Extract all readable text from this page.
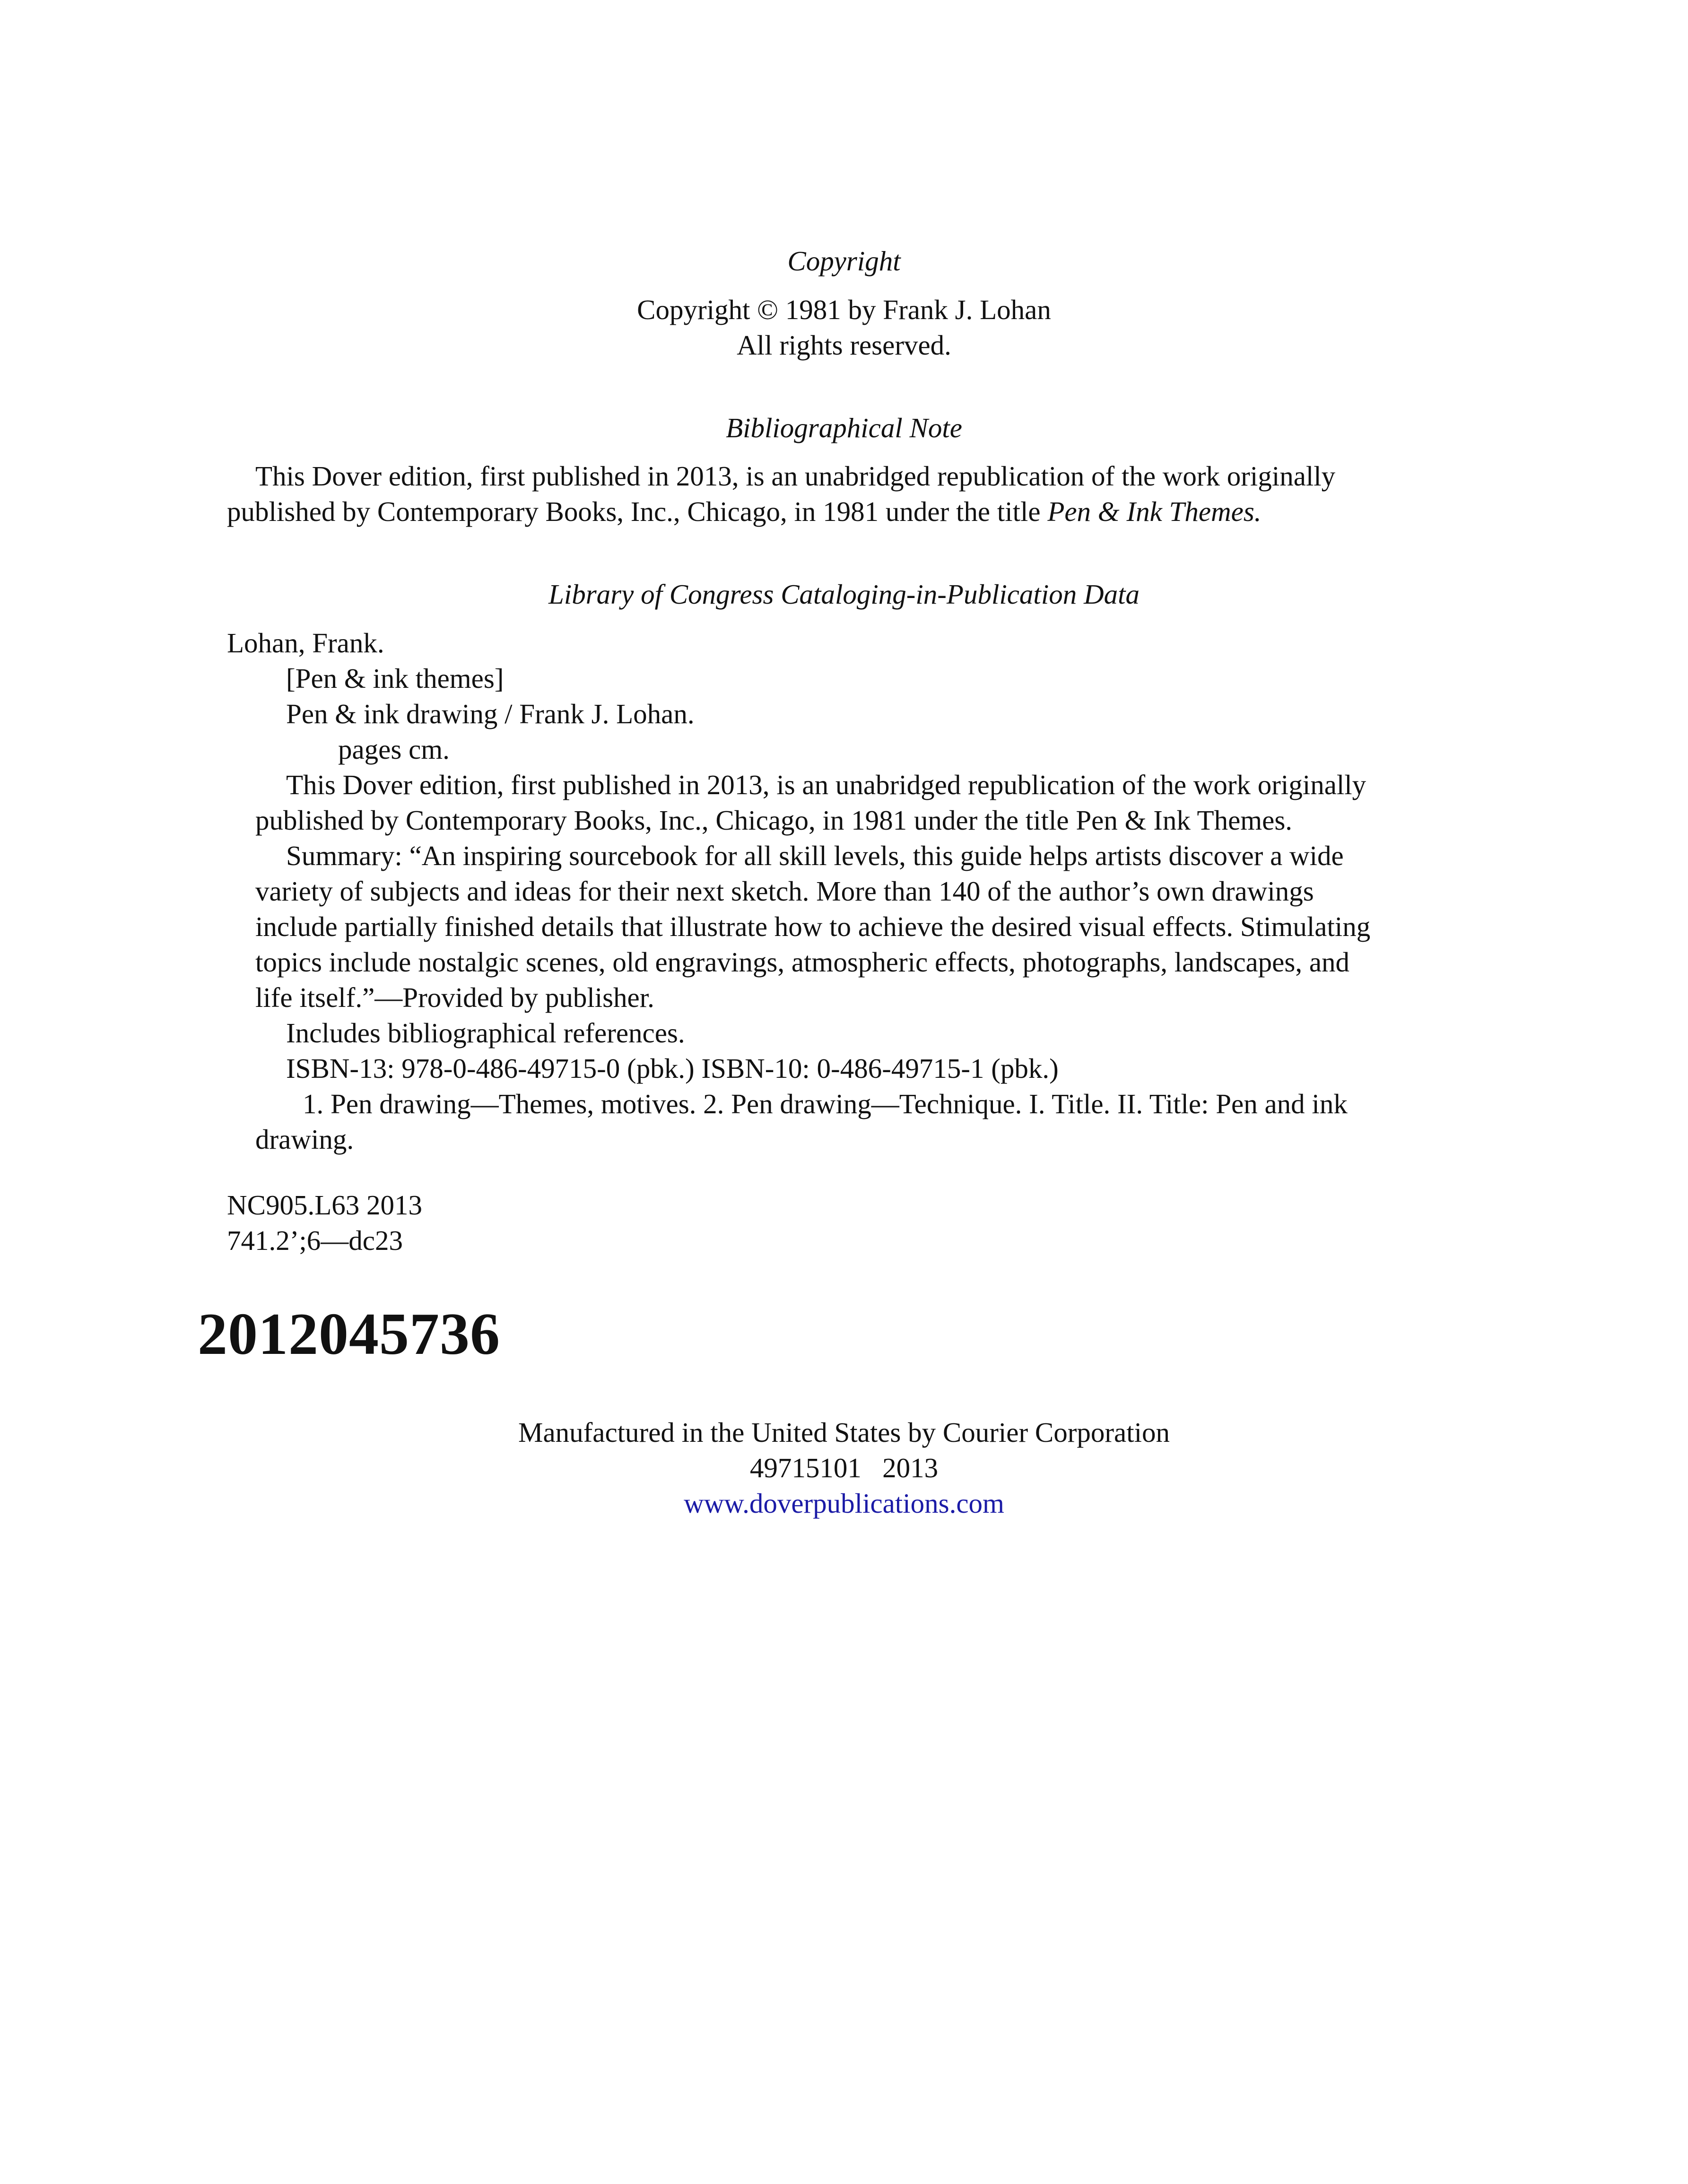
Copyright
Copyright © 1981 by Frank J. Lohan
All rights reserved.
Bibliographical Note
This Dover edition, first published in 2013, is an unabridged republication of the work originally
published by Contemporary Books, Inc., Chicago, in 1981 under the title Pen & Ink Themes.
Library of Congress Cataloging-in-Publication Data
Lohan, Frank.
[Pen & ink themes]
Pen & ink drawing / Frank J. Lohan.
pages cm.
This Dover edition, first published in 2013, is an unabridged republication of the work originally
published by Contemporary Books, Inc., Chicago, in 1981 under the title Pen & Ink Themes.
Summary: “An inspiring sourcebook for all skill levels, this guide helps artists discover a wide
variety of subjects and ideas for their next sketch. More than 140 of the author’s own drawings
include partially finished details that illustrate how to achieve the desired visual effects. Stimulating
topics include nostalgic scenes, old engravings, atmospheric effects, photographs, landscapes, and
life itself.”—Provided by publisher.
Includes bibliographical references.
ISBN-13: 978-0-486-49715-0 (pbk.) ISBN-10: 0-486-49715-1 (pbk.)
1. Pen drawing—Themes, motives. 2. Pen drawing—Technique. I. Title. II. Title: Pen and ink
drawing.
NC905.L63 2013
741.2’;6—dc23
2012045736
Manufactured in the United States by Courier Corporation
49715101   2013
www.doverpublications.com
